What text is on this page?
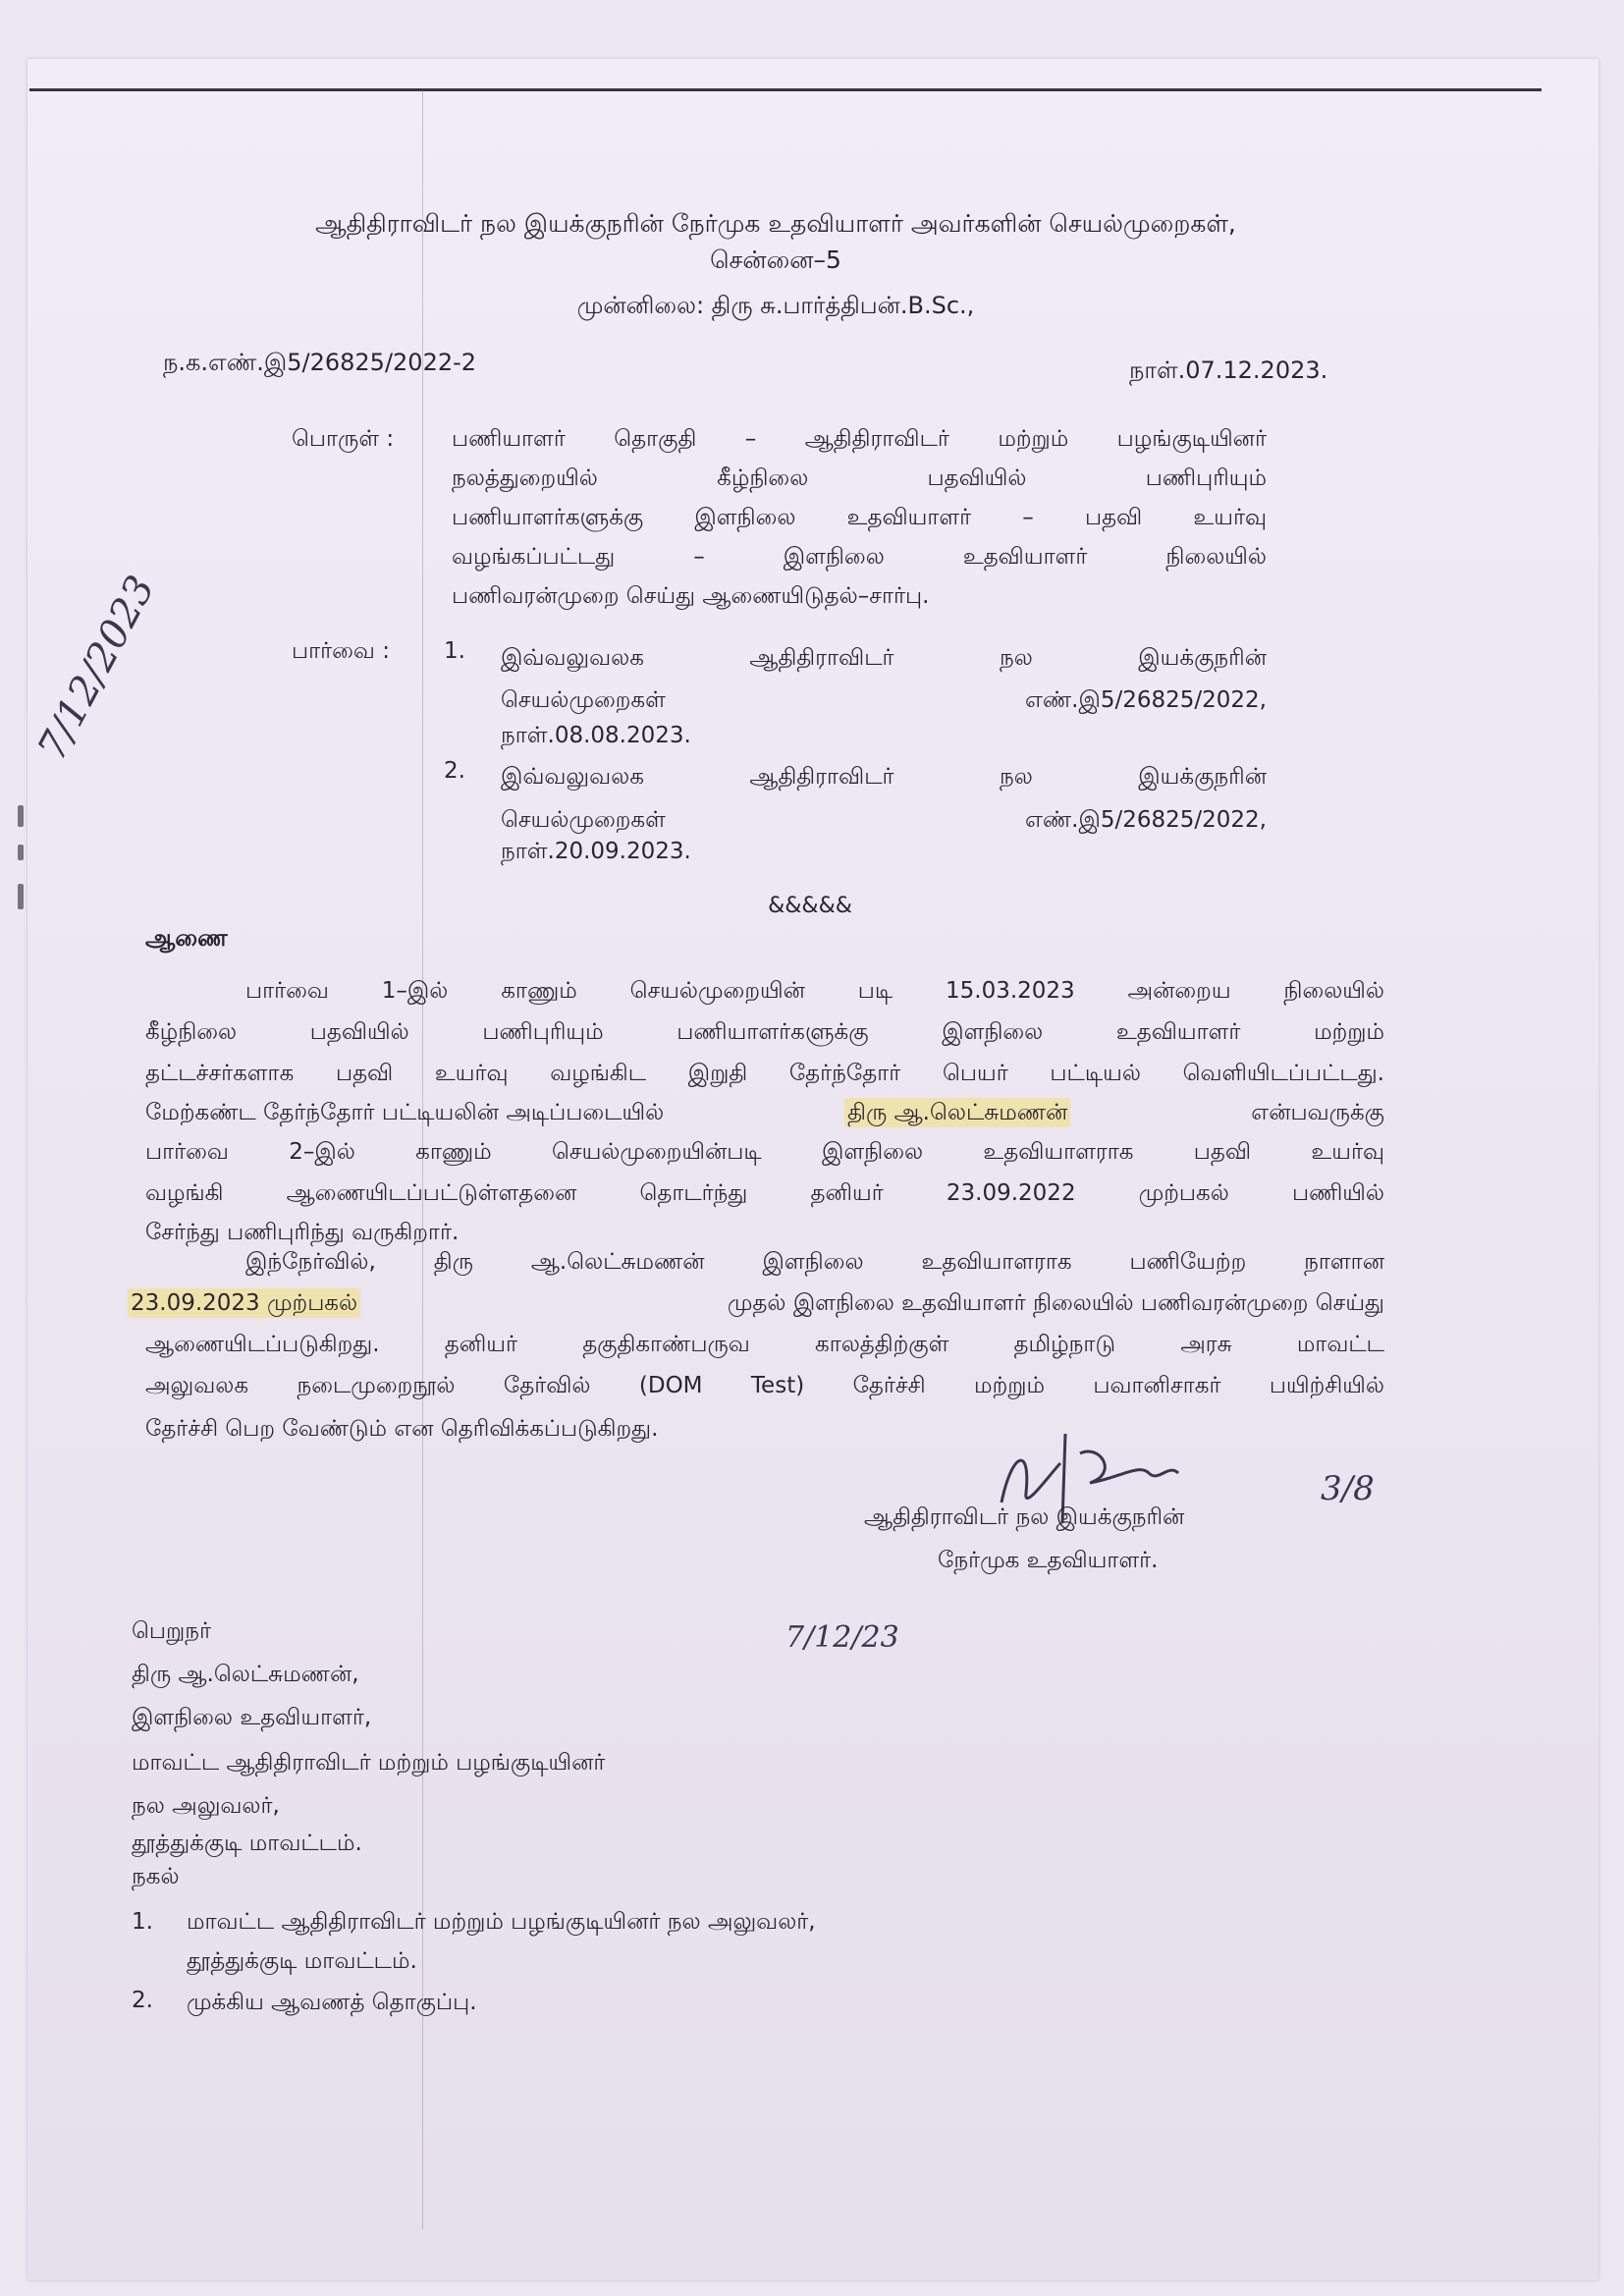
ஆதிதிராவிடர் நல இயக்குநரின் நேர்முக உதவியாளர் அவர்களின் செயல்முறைகள்,
சென்னை–5
முன்னிலை: திரு சு.பார்த்திபன்.B.Sc.,
ந.க.எண்.இ5/26825/2022-2	நாள்.07.12.2023.
பொருள் :	பணியாளர் தொகுதி – ஆதிதிராவிடர் மற்றும் பழங்குடியினர்
நலத்துறையில் கீழ்நிலை பதவியில் பணிபுரியும்
பணியாளர்களுக்கு இளநிலை உதவியாளர் – பதவி உயர்வு
வழங்கப்பட்டது – இளநிலை உதவியாளர் நிலையில்
பணிவரன்முறை செய்து ஆணையிடுதல்–சார்பு.
பார்வை : 1. இவ்வலுவலக ஆதிதிராவிடர் நல இயக்குநரின்
செயல்முறைகள்	எண்.இ5/26825/2022,
நாள்.08.08.2023.
2. இவ்வலுவலக ஆதிதிராவிடர் நல இயக்குநரின்
செயல்முறைகள்	எண்.இ5/26825/2022,
நாள்.20.09.2023.
&&&&&
ஆணை
பார்வை 1–இல் காணும் செயல்முறையின் படி 15.03.2023 அன்றைய நிலையில்
கீழ்நிலை பதவியில் பணிபுரியும் பணியாளர்களுக்கு இளநிலை உதவியாளர் மற்றும்
தட்டச்சர்களாக பதவி உயர்வு வழங்கிட இறுதி தேர்ந்தோர் பெயர் பட்டியல் வெளியிடப்பட்டது.
மேற்கண்ட தேர்ந்தோர் பட்டியலின் அடிப்படையில்	திரு ஆ.லெட்சுமணன்	என்பவருக்கு
பார்வை 2–இல் காணும் செயல்முறையின்படி இளநிலை உதவியாளராக பதவி உயர்வு
வழங்கி ஆணையிடப்பட்டுள்ளதனை தொடர்ந்து தனியர் 23.09.2022 முற்பகல் பணியில்
சேர்ந்து பணிபுரிந்து வருகிறார்.
இந்நேர்வில், திரு ஆ.லெட்சுமணன் இளநிலை உதவியாளராக பணியேற்ற நாளான
23.09.2023 முற்பகல்	முதல் இளநிலை உதவியாளர் நிலையில் பணிவரன்முறை செய்து
ஆணையிடப்படுகிறது. தனியர் தகுதிகாண்பருவ காலத்திற்குள் தமிழ்நாடு அரசு மாவட்ட
அலுவலக நடைமுறைநூல் தேர்வில் (DOM Test) தேர்ச்சி மற்றும் பவானிசாகர் பயிற்சியில்
தேர்ச்சி பெற வேண்டும் என தெரிவிக்கப்படுகிறது.
ஆதிதிராவிடர் நல இயக்குநரின்
நேர்முக உதவியாளர்.
பெறுநர்
திரு ஆ.லெட்சுமணன்,
இளநிலை உதவியாளர்,
மாவட்ட ஆதிதிராவிடர் மற்றும் பழங்குடியினர்
நல அலுவலர்,
தூத்துக்குடி மாவட்டம்.
நகல்
1. மாவட்ட ஆதிதிராவிடர் மற்றும் பழங்குடியினர் நல அலுவலர்,
தூத்துக்குடி மாவட்டம்.
2. முக்கிய ஆவணத் தொகுப்பு.
7/12/2023
7/12/23
3/8
